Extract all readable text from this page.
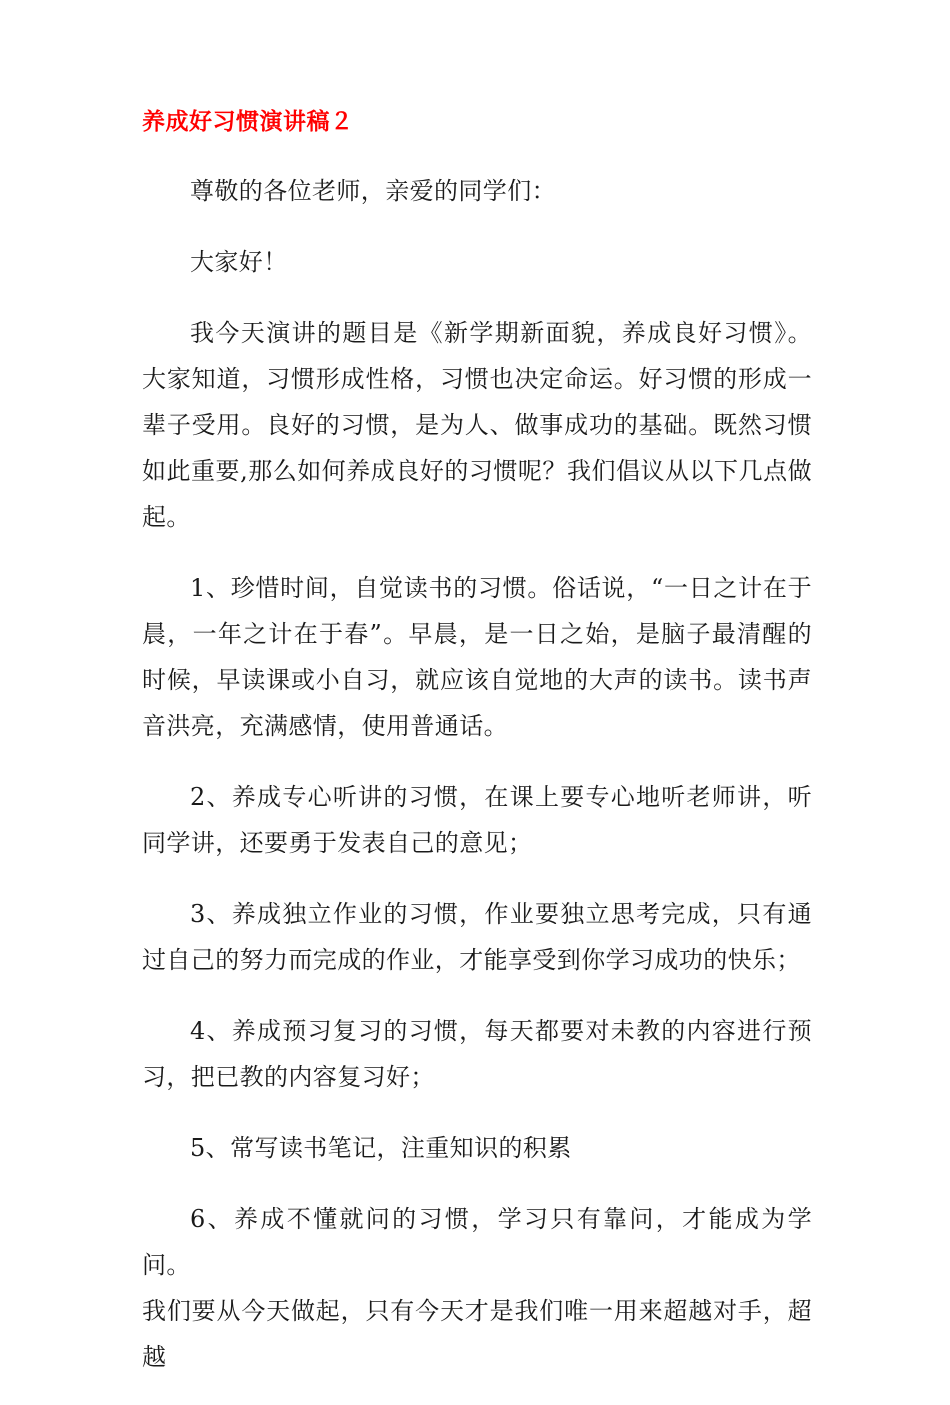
养成好习惯演讲稿２

尊敬的各位老师，亲爱的同学们：

大家好！

我今天演讲的题目是《新学期新面貌，养成良好习惯》。大家知道，习惯形成性格，习惯也决定命运。好习惯的形成一辈子受用。良好的习惯，是为人、做事成功的基础。既然习惯如此重要,那么如何养成良好的习惯呢？我们倡议从以下几点做起。

1、珍惜时间，自觉读书的习惯。俗话说，“一日之计在于晨，一年之计在于春”。早晨，是一日之始，是脑子最清醒的时候，早读课或小自习，就应该自觉地的大声的读书。读书声音洪亮，充满感情，使用普通话。

2、养成专心听讲的习惯，在课上要专心地听老师讲，听同学讲，还要勇于发表自己的意见；

3、养成独立作业的习惯，作业要独立思考完成，只有通过自己的努力而完成的作业，才能享受到你学习成功的快乐；

4、养成预习复习的习惯，每天都要对未教的内容进行预习，把已教的内容复习好；

5、常写读书笔记，注重知识的积累

6、养成不懂就问的习惯，学习只有靠问，才能成为学问。

我们要从今天做起，只有今天才是我们唯一用来超越对手，超越
